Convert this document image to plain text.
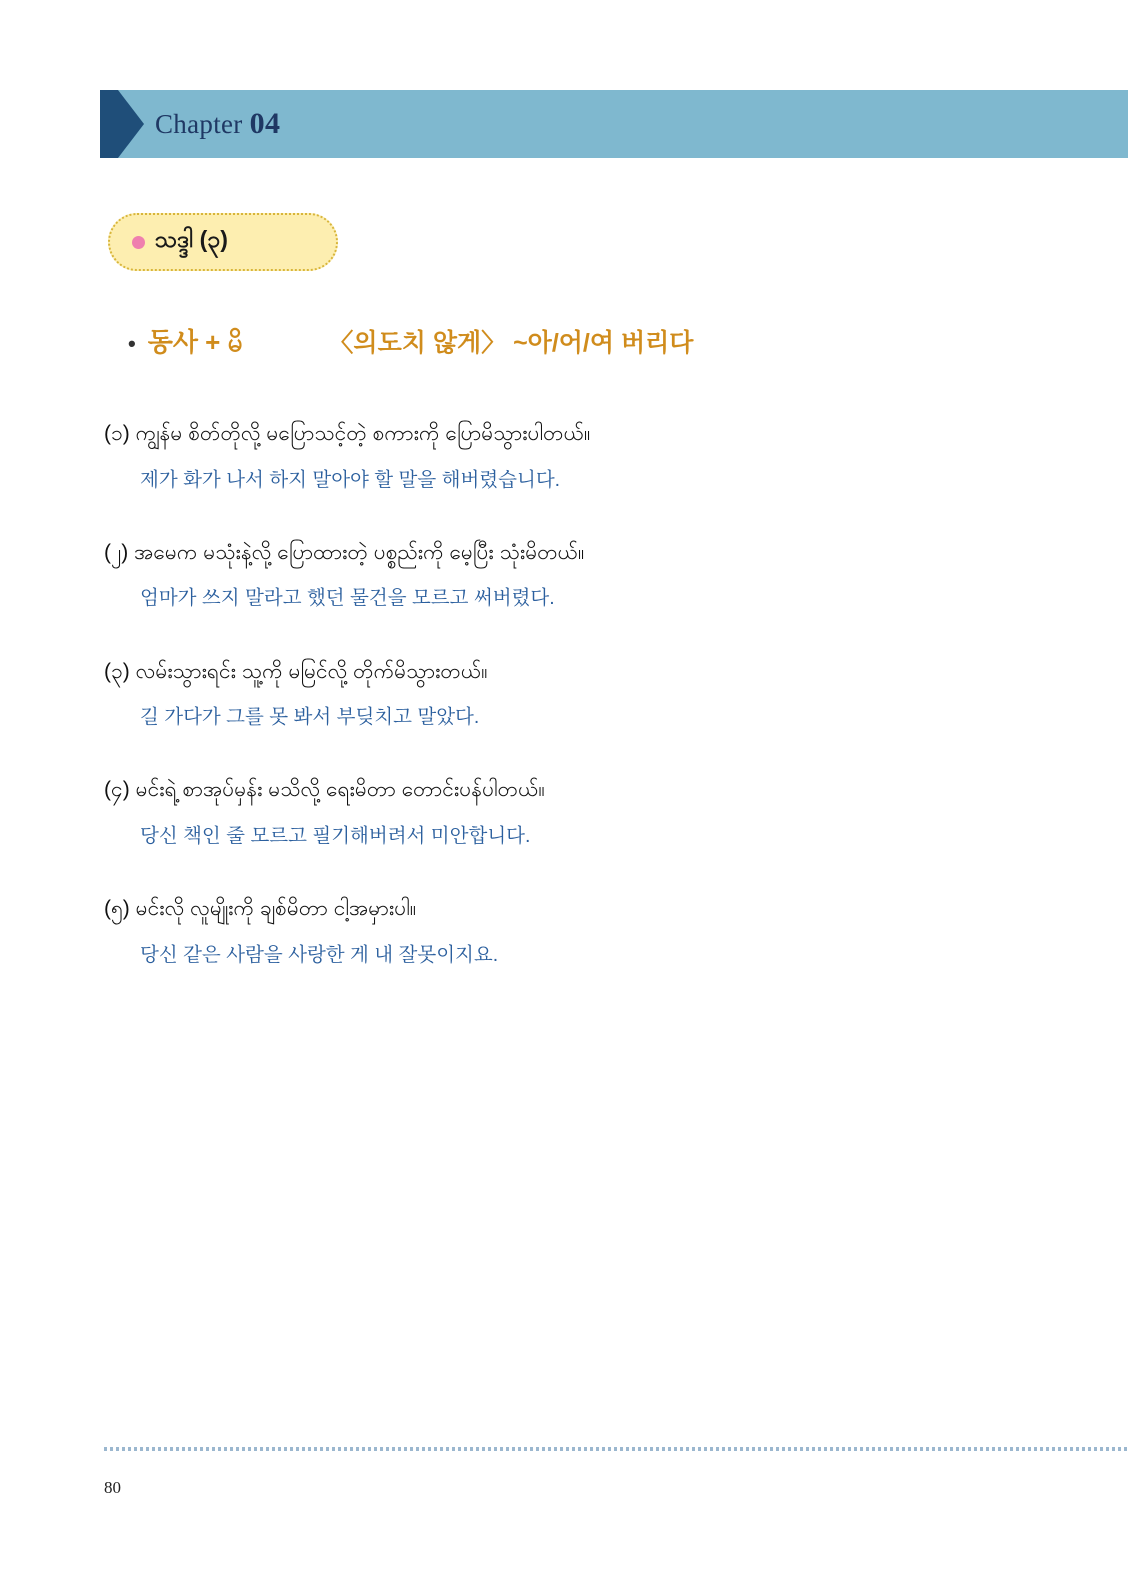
Chapter 04
သဒ္ဒါ (၃)
• 동사 + မိ	〈의도치 않게〉 ~아/어/여 버리다
(၁) ကျွန်မ စိတ်တိုလို့ မပြောသင့်တဲ့ စကားကို ပြောမိသွားပါတယ်။
제가 화가 나서 하지 말아야 할 말을 해버렸습니다.
(၂) အမေက မသုံးနဲ့လို့ ပြောထားတဲ့ ပစ္စည်းကို မေ့ပြီး သုံးမိတယ်။
엄마가 쓰지 말라고 했던 물건을 모르고 써버렸다.
(၃) လမ်းသွားရင်း သူ့ကို မမြင်လို့ တိုက်မိသွားတယ်။
길 가다가 그를 못 봐서 부딪치고 말았다.
(၄) မင်းရဲ့ စာအုပ်မှန်း မသိလို့ ရေးမိတာ တောင်းပန်ပါတယ်။
당신 책인 줄 모르고 필기해버려서 미안합니다.
(၅) မင်းလို လူမျိုးကို ချစ်မိတာ ငါ့အမှားပါ။
당신 같은 사람을 사랑한 게 내 잘못이지요.
80
